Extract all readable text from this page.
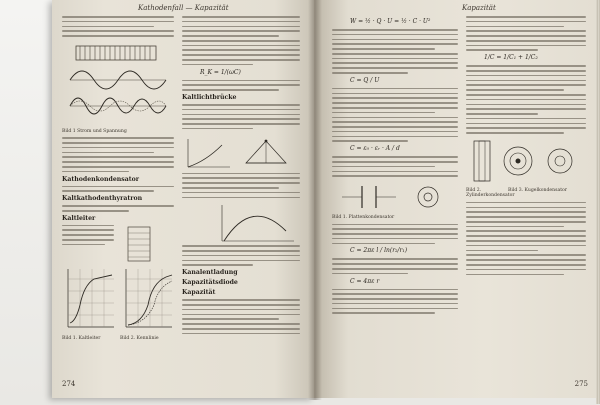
Kathodenfall — Kapazität
Bild 1 Strom und Spannung
Kathodenkondensator
Kaltkathodenthyratron
Kaltleiter
Bild 1. Kaltleiter	Bild 2. Kennlinie
R_K = 1/(ωC)
Kaltlichtbrücke
Kanalentladung
Kapazitätsdiode
Kapazität
274
Kapazität
W = ½ · Q · U = ½ · C · U²
C = Q / U
C = ε₀ · εᵣ · A / d
Bild 1. Plattenkondensator
C = 2πε l / ln(r₂/r₁)
C = 4πε r
1/C = 1/C₁ + 1/C₂
Bild 2. Zylinderkondensator
Bild 3. Kugelkondensator
275
